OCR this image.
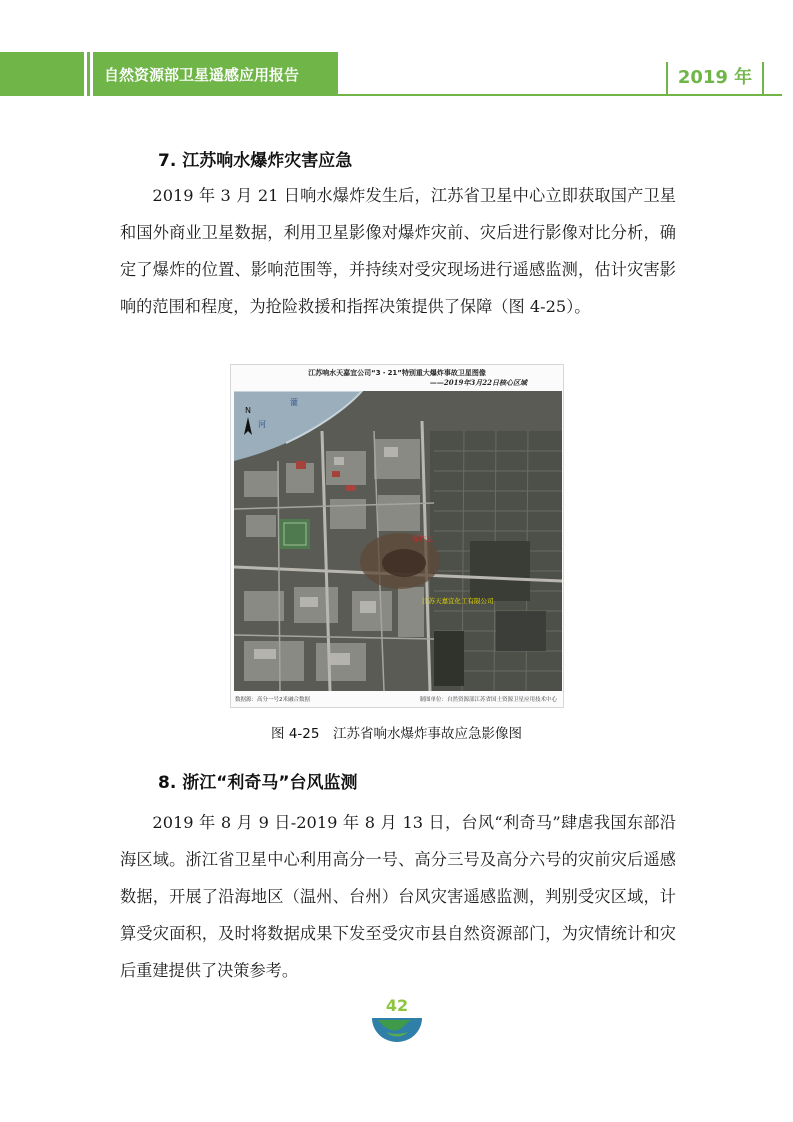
自然资源部卫星遥感应用报告	2019 年
7. 江苏响水爆炸灾害应急

2019 年 3 月 21 日响水爆炸发生后，江苏省卫星中心立即获取国产卫星和国外商业卫星数据，利用卫星影像对爆炸灾前、灾后进行影像对比分析，确定了爆炸的位置、影响范围等，并持续对受灾现场进行遥感监测，估计灾害影响的范围和程度，为抢险救援和指挥决策提供了保障（图 4-25）。

江苏响水天嘉宜公司“3・21”特别重大爆炸事故卫星图像
——2019年3月22日核心区域
N
灌
河
爆炸点
江苏天嘉宜化工有限公司
数据源：高分一号2米融合数据	制图单位：自然资源部江苏省国土资源卫星应用技术中心
图 4-25　江苏省响水爆炸事故应急影像图
8. 浙江“利奇马”台风监测

2019 年 8 月 9 日-2019 年 8 月 13 日，台风“利奇马”肆虐我国东部沿海区域。浙江省卫星中心利用高分一号、高分三号及高分六号的灾前灾后遥感数据，开展了沿海地区（温州、台州）台风灾害遥感监测，判别受灾区域，计算受灾面积，及时将数据成果下发至受灾市县自然资源部门，为灾情统计和灾后重建提供了决策参考。

42
